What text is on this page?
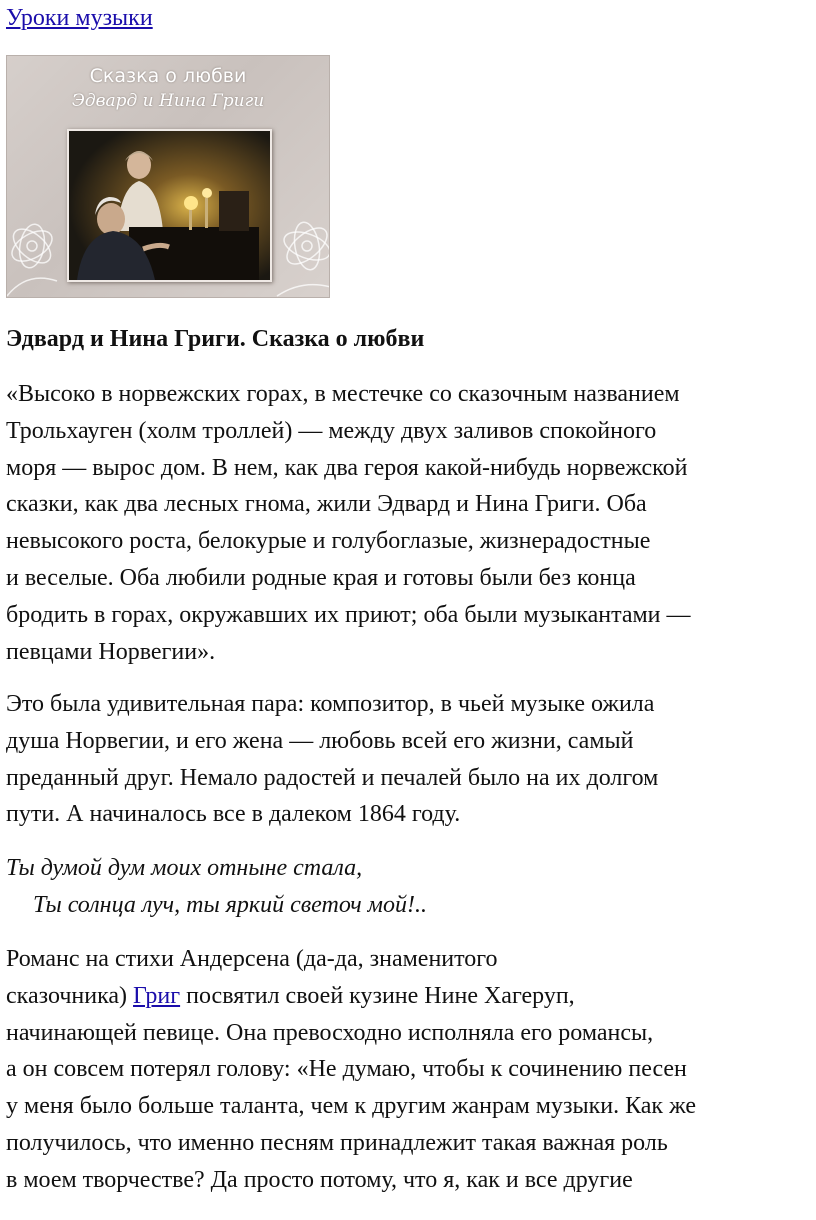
Уроки музыки
Сказка о любви
Эдвард и Нина Григи
Эдвард и Нина Григи. Сказка о любви

«Высоко в норвежских горах, в местечке со сказочным названием
Трольхауген (холм троллей) — между двух заливов спокойного
моря — вырос дом. В нем, как два героя какой-нибудь норвежской
сказки, как два лесных гнома, жили Эдвард и Нина Григи. Оба
невысокого роста, белокурые и голубоглазые, жизнерадостные
и веселые. Оба любили родные края и готовы были без конца
бродить в горах, окружавших их приют; оба были музыкантами —
певцами Норвегии».

Это была удивительная пара: композитор, в чьей музыке ожила
душа Норвегии, и его жена — любовь всей его жизни, самый
преданный друг. Немало радостей и печалей было на их долгом
пути. А начиналось все в далеком 1864 году.

Ты думой дум моих отныне стала,
Ты солнца луч, ты яркий светоч мой!..

Романс на стихи Андерсена (да-да, знаменитого
сказочника) Григ посвятил своей кузине Нине Хагеруп,
начинающей певице. Она превосходно исполняла его романсы,
а он совсем потерял голову: «Не думаю, чтобы к сочинению песен
у меня было больше таланта, чем к другим жанрам музыки. Как же
получилось, что именно песням принадлежит такая важная роль
в моем творчестве? Да просто потому, что я, как и все другие
